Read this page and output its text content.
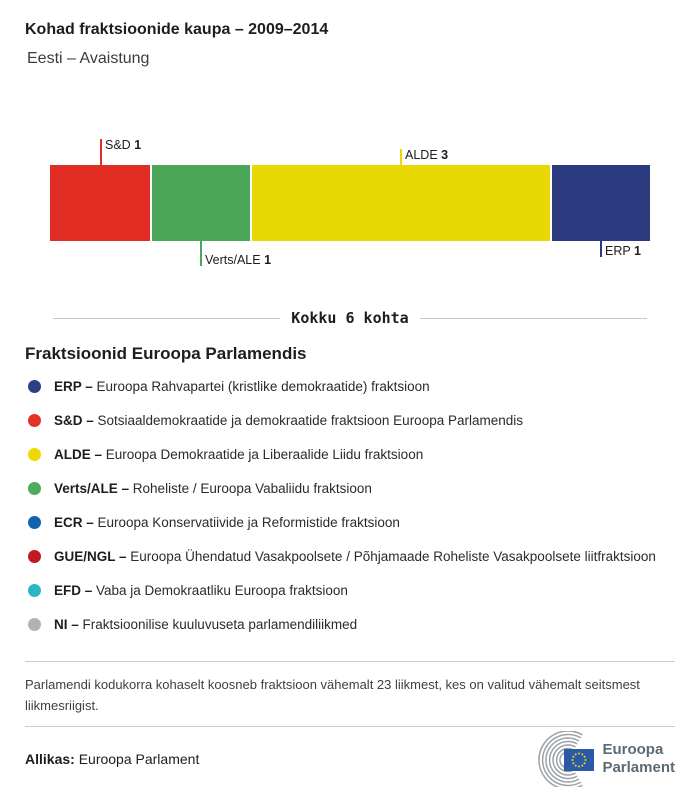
Kohad fraktsioonide kaupa – 2009–2014
Eesti – Avaistung
S&D 1
Verts/ALE 1
ALDE 3
ERP 1
Kokku 6 kohta
Fraktsioonid Euroopa Parlamendis
ERP – Euroopa Rahvapartei (kristlike demokraatide) fraktsioon
S&D – Sotsiaaldemokraatide ja demokraatide fraktsioon Euroopa Parlamendis
ALDE – Euroopa Demokraatide ja Liberaalide Liidu fraktsioon
Verts/ALE – Roheliste / Euroopa Vabaliidu fraktsioon
ECR – Euroopa Konservatiivide ja Reformistide fraktsioon
GUE/NGL – Euroopa Ühendatud Vasakpoolsete / Põhjamaade Roheliste Vasakpoolsete liitfraktsioon
EFD – Vaba ja Demokraatliku Euroopa fraktsioon
NI – Fraktsioonilise kuuluvuseta parlamendiliikmed

Parlamendi kodukorra kohaselt koosneb fraktsioon vähemalt 23 liikmest, kes on valitud vähemalt seitsmest liikmesriigist.

Allikas: Euroopa Parlament
Euroopa
Parlament
